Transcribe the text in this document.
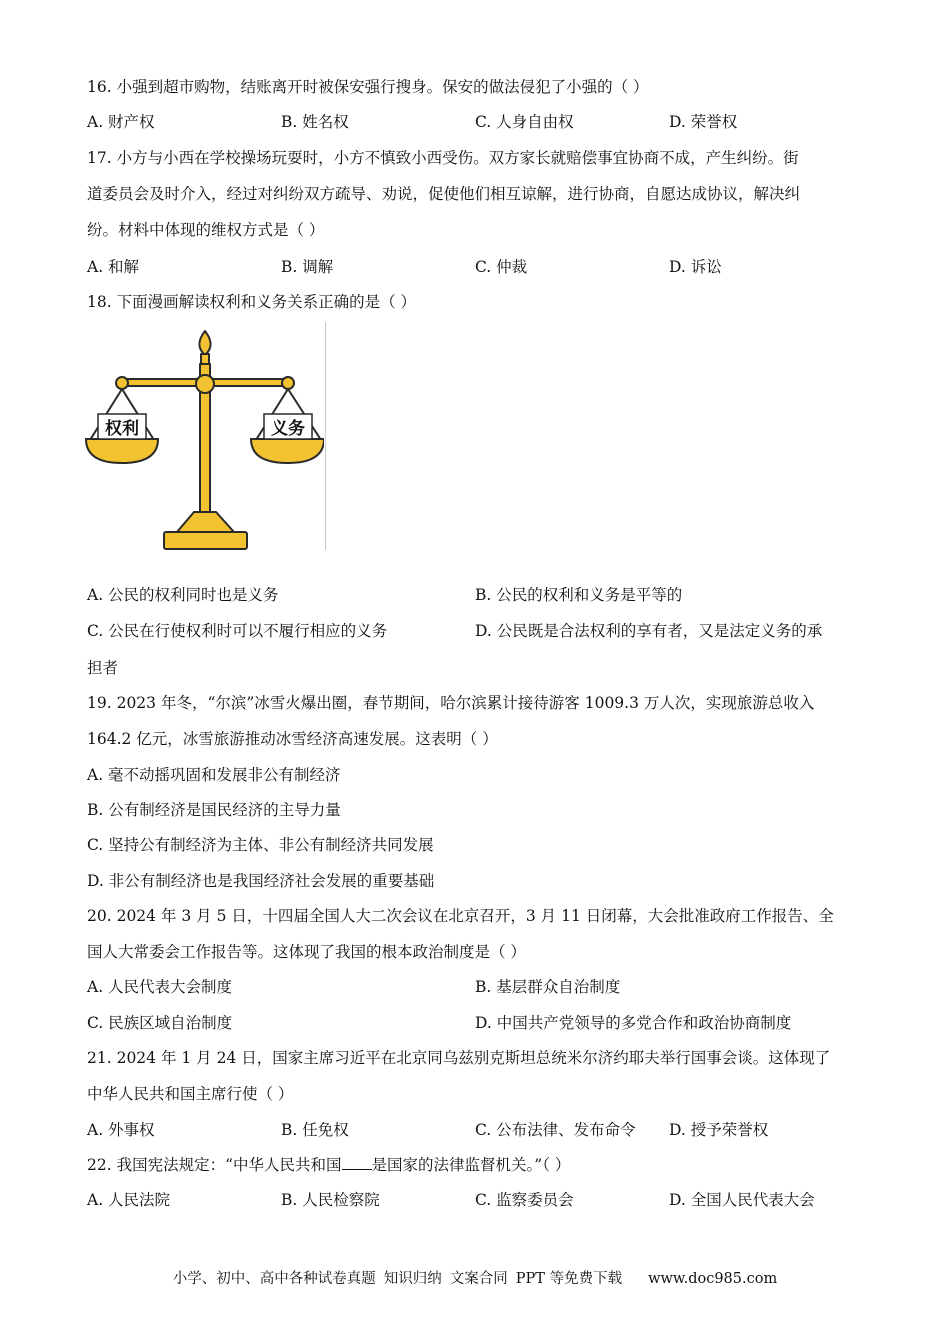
16. 小强到超市购物，结账离开时被保安强行搜身。保安的做法侵犯了小强的（ ）
A. 财产权	B. 姓名权	C. 人身自由权	D. 荣誉权
17. 小方与小西在学校操场玩耍时，小方不慎致小西受伤。双方家长就赔偿事宜协商不成，产生纠纷。街
道委员会及时介入，经过对纠纷双方疏导、劝说，促使他们相互谅解，进行协商，自愿达成协议，解决纠
纷。材料中体现的维权方式是（ ）
A. 和解	B. 调解	C. 仲裁	D. 诉讼
18. 下面漫画解读权利和义务关系正确的是（ ）
权利	义务
A. 公民的权利同时也是义务	B. 公民的权利和义务是平等的
C. 公民在行使权利时可以不履行相应的义务	D. 公民既是合法权利的享有者，又是法定义务的承
担者
19. 2023 年冬，“尔滨”冰雪火爆出圈，春节期间，哈尔滨累计接待游客 1009.3 万人次，实现旅游总收入
164.2 亿元，冰雪旅游推动冰雪经济高速发展。这表明（ ）
A. 毫不动摇巩固和发展非公有制经济
B. 公有制经济是国民经济的主导力量
C. 坚持公有制经济为主体、非公有制经济共同发展
D. 非公有制经济也是我国经济社会发展的重要基础
20. 2024 年 3 月 5 日，十四届全国人大二次会议在北京召开，3 月 11 日闭幕，大会批准政府工作报告、全
国人大常委会工作报告等。这体现了我国的根本政治制度是（ ）
A. 人民代表大会制度	B. 基层群众自治制度
C. 民族区域自治制度	D. 中国共产党领导的多党合作和政治协商制度
21. 2024 年 1 月 24 日，国家主席习近平在北京同乌兹别克斯坦总统米尔济约耶夫举行国事会谈。这体现了
中华人民共和国主席行使（ ）
A. 外事权	B. 任免权	C. 公布法律、发布命令 D. 授予荣誉权
22. 我国宪法规定：“中华人民共和国 是国家的法律监督机关。”（ ）
A. 人民法院	B. 人民检察院	C. 监察委员会	D. 全国人民代表大会
小学、初中、高中各种试卷真题 知识归纳 文案合同 PPT 等免费下载 www.doc985.com
